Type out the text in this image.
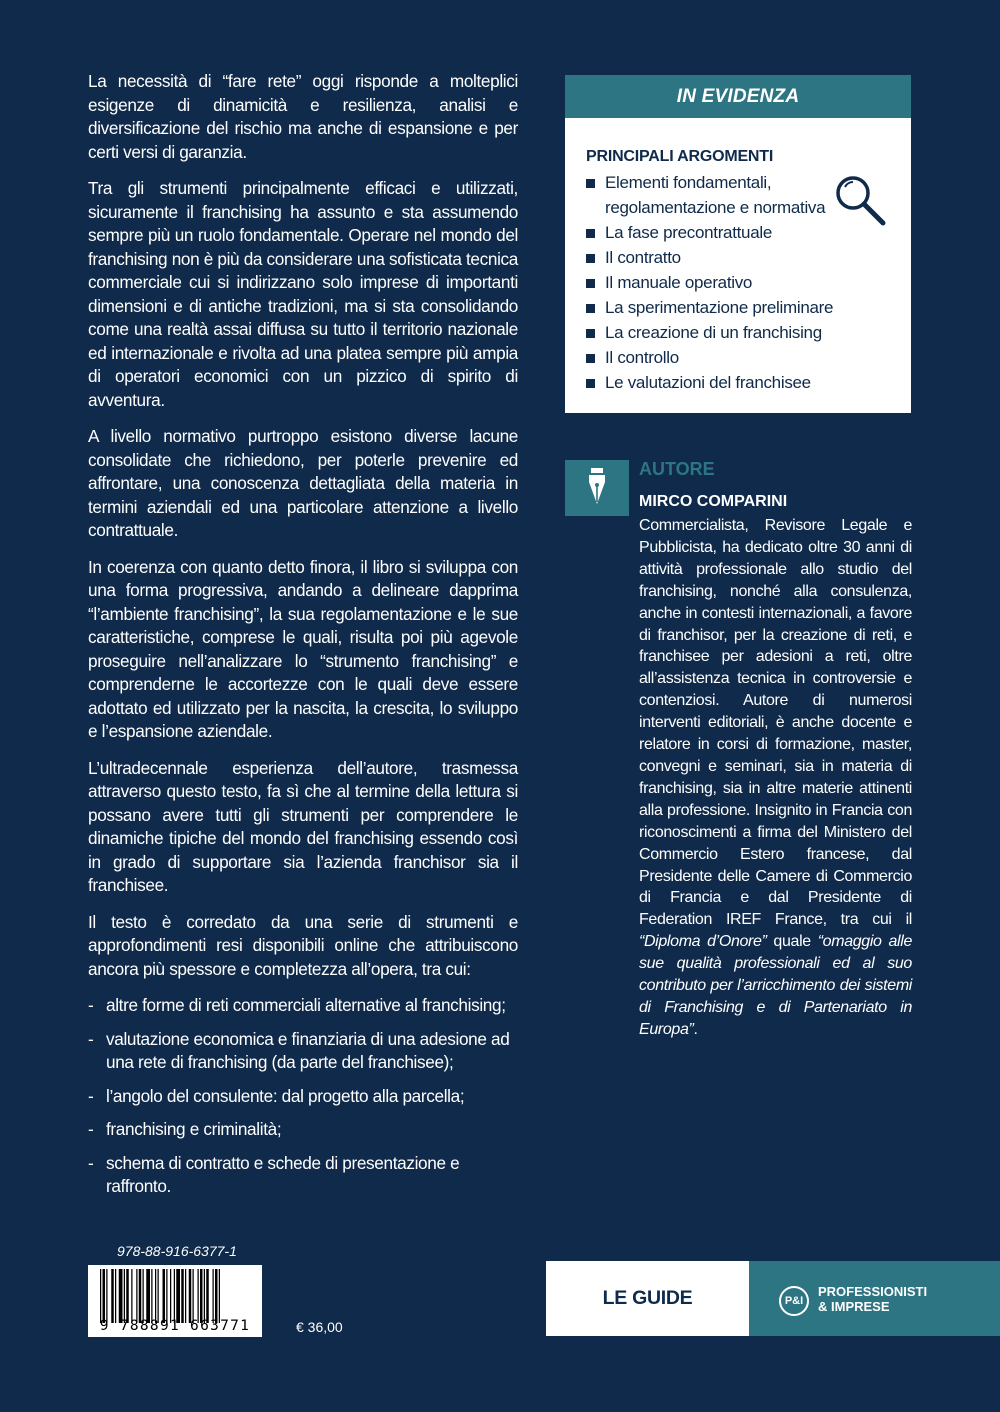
La necessità di “fare rete” oggi risponde a molteplici esigenze di dinamicità e resilienza, analisi e diversificazione del rischio ma anche di espansione e per certi versi di garanzia.

Tra gli strumenti principalmente efficaci e utilizzati, sicuramente il franchising ha assunto e sta assumendo sempre più un ruolo fondamentale. Operare nel mondo del franchising non è più da considerare una sofisticata tecnica commerciale cui si indirizzano solo imprese di importanti dimensioni e di antiche tradizioni, ma si sta consolidando come una realtà assai diffusa su tutto il territorio nazionale ed internazionale e rivolta ad una platea sempre più ampia di operatori economici con un pizzico di spirito di avventura.

A livello normativo purtroppo esistono diverse lacune consolidate che richiedono, per poterle prevenire ed affrontare, una conoscenza dettagliata della materia in termini aziendali ed una particolare attenzione a livello contrattuale.

In coerenza con quanto detto finora, il libro si sviluppa con una forma progressiva, andando a delineare dapprima “l’ambiente franchising”, la sua regolamentazione e le sue caratteristiche, comprese le quali, risulta poi più agevole proseguire nell’analizzare lo “strumento franchising” e comprenderne le accortezze con le quali deve essere adottato ed utilizzato per la nascita, la crescita, lo sviluppo e l’espansione aziendale.

L’ultradecennale esperienza dell’autore, trasmessa attraverso questo testo, fa sì che al termine della lettura si possano avere tutti gli strumenti per comprendere le dinamiche tipiche del mondo del franchising essendo così in grado di supportare sia l’azienda franchisor sia il franchisee.

Il testo è corredato da una serie di strumenti e approfondimenti resi disponibili online che attribuiscono ancora più spessore e completezza all’opera, tra cui:

- altre forme di reti commerciali alternative al franchising;
- valutazione economica e finanziaria di una adesione ad una rete di franchising (da parte del franchisee);
- l’angolo del consulente: dal progetto alla parcella;
- franchising e criminalità;
- schema di contratto e schede di presentazione e raffronto.
IN EVIDENZA
PRINCIPALI ARGOMENTI
Elementi fondamentali, regolamentazione e normativa
La fase precontrattuale
Il contratto
Il manuale operativo
La sperimentazione preliminare
La creazione di un franchising
Il controllo
Le valutazioni del franchisee
AUTORE
MIRCO COMPARINI
Commercialista, Revisore Legale e Pubblicista, ha dedicato oltre 30 anni di attività professionale allo studio del franchising, nonché alla consulenza, anche in contesti internazionali, a favore di franchisor, per la creazione di reti, e franchisee per adesioni a reti, oltre all’assistenza tecnica in controversie e contenziosi. Autore di numerosi interventi editoriali, è anche docente e relatore in corsi di formazione, master, convegni e seminari, sia in materia di franchising, sia in altre materie attinenti alla professione. Insignito in Francia con riconoscimenti a firma del Ministero del Commercio Estero francese, dal Presidente delle Camere di Commercio di Francia e dal Presidente di Federation IREF France, tra cui il “Diploma d’Onore” quale “omaggio alle sue qualità professionali ed al suo contributo per l’arricchimento dei sistemi di Franchising e di Partenariato in Europa”.
978-88-916-6377-1
9 788891 663771	€ 36,00
LE GUIDE OPERATIVE
P&I
PROFESSIONISTI
& IMPRESE
